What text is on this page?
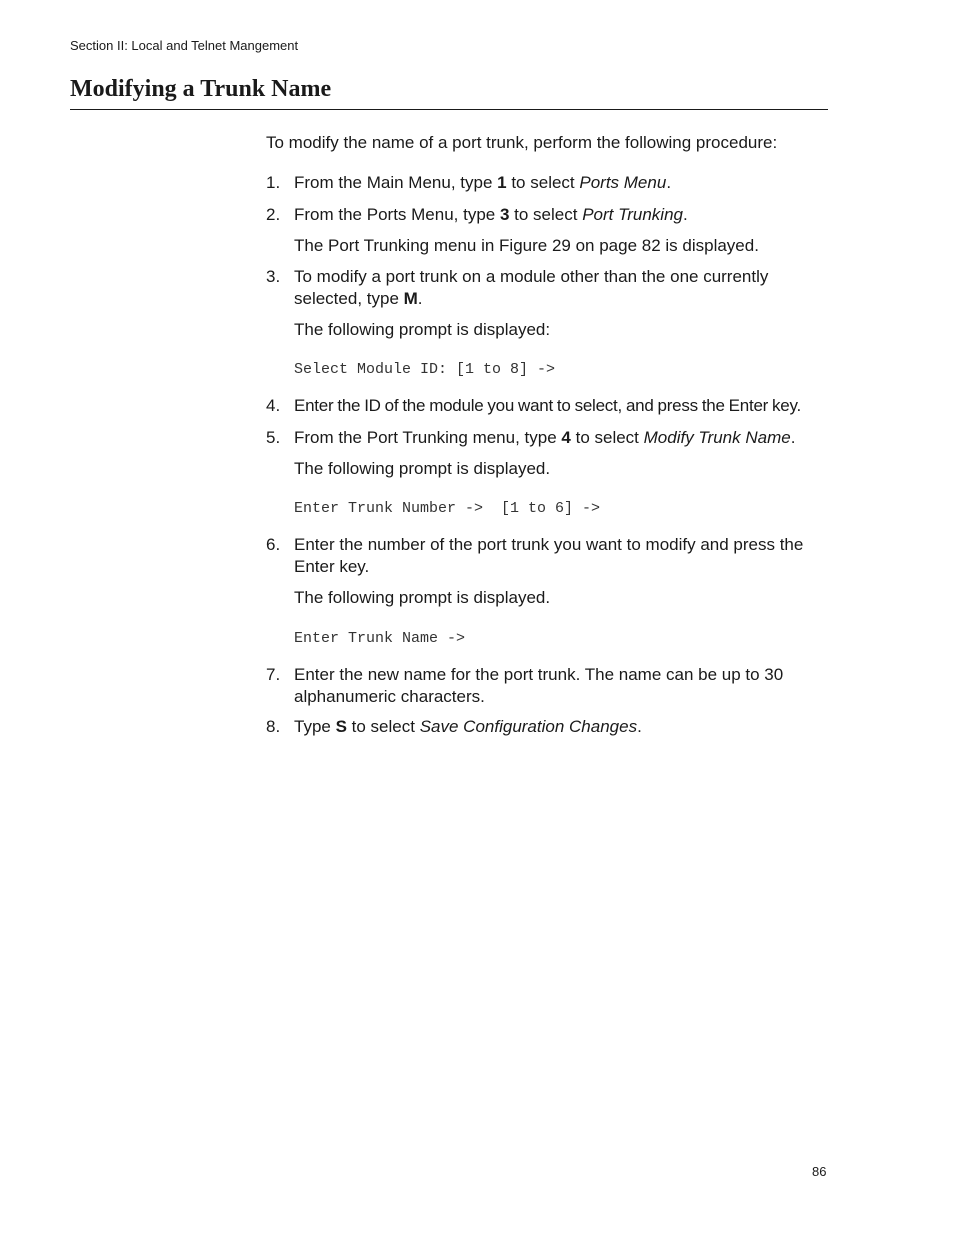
Section II: Local and Telnet Mangement
Modifying a Trunk Name
To modify the name of a port trunk, perform the following procedure:
1. From the Main Menu, type 1 to select Ports Menu.
2. From the Ports Menu, type 3 to select Port Trunking.
The Port Trunking menu in Figure 29 on page 82 is displayed.
3. To modify a port trunk on a module other than the one currently selected, type M.
The following prompt is displayed:
Select Module ID: [1 to 8] ->
4. Enter the ID of the module you want to select, and press the Enter key.
5. From the Port Trunking menu, type 4 to select Modify Trunk Name.
The following prompt is displayed.
Enter Trunk Number ->  [1 to 6] ->
6. Enter the number of the port trunk you want to modify and press the Enter key.
The following prompt is displayed.
Enter Trunk Name ->
7. Enter the new name for the port trunk. The name can be up to 30 alphanumeric characters.
8. Type S to select Save Configuration Changes.
86
